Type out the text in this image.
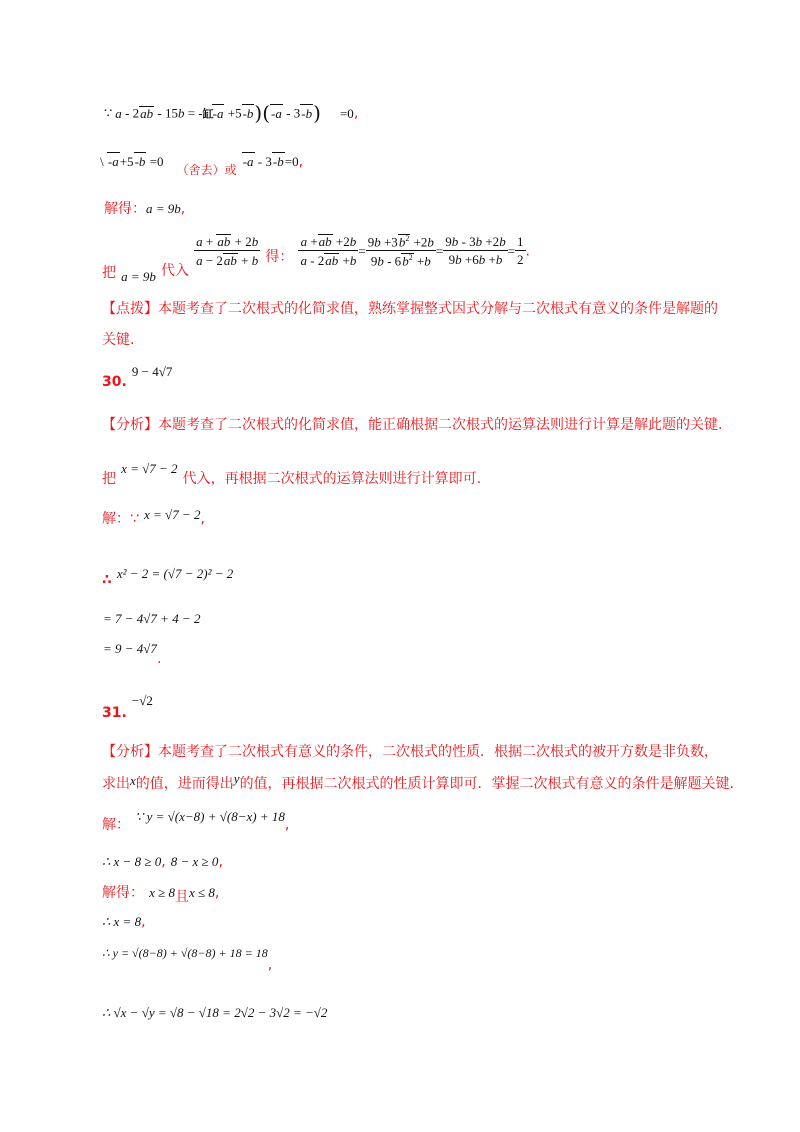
∵ a - 2ab - 15b = -缸-a +5-b)(-a - 3-b) =0,
\ -a+5-b =0 $_{(舍去)或}$ -a - 3-b=0,
解得：a = 9b,
把 $_{a = 9b}$ 代入
$\frac{a + ab + 2b}{a - 2ab + b}$ 得： $\frac{a +ab +2b}{a - 2ab +b} = \frac{9b +3b^2 +2b}{9b - 6b^2 +b} = \frac{9b - 3b +2b}{9b +6b +b} = \frac{1}{2}$ .
【点拨】本题考查了二次根式的化简求值，熟练掌握整式因式分解与二次根式有意义的条件是解题的
关键.
30. 9 − 4√7
【分析】本题考查了二次根式的化简求值，能正确根据二次根式的运算法则进行计算是解此题的关键.
把 x = √7 − 2 代入，再根据二次根式的运算法则进行计算即可.
解：∵ $^{x = √7 - 2}$,
∴ x² − 2 = (√7 − 2)² − 2
= 7 − 4√7 + 4 − 2
= 9 − 4√7.
31. −√2
【分析】本题考查了二次根式有意义的条件，二次根式的性质．根据二次根式的被开方数是非负数，
求出x的值，进而得出$^y$的值，再根据二次根式的性质计算即可．掌握二次根式有意义的条件是解题关键.
解： ∵ y = √(x−8) + √(8−x) + 18,
∴ x − 8 ≥ 0, 8 − x ≥ 0,
解得： x ≥ 8且x ≤ 8,
∴ x = 8,
∴ y = √(8−8) + √(8−8) + 18 = 18,
∴ √x − √y = √8 − √18 = 2√2 − 3√2 = −√2
